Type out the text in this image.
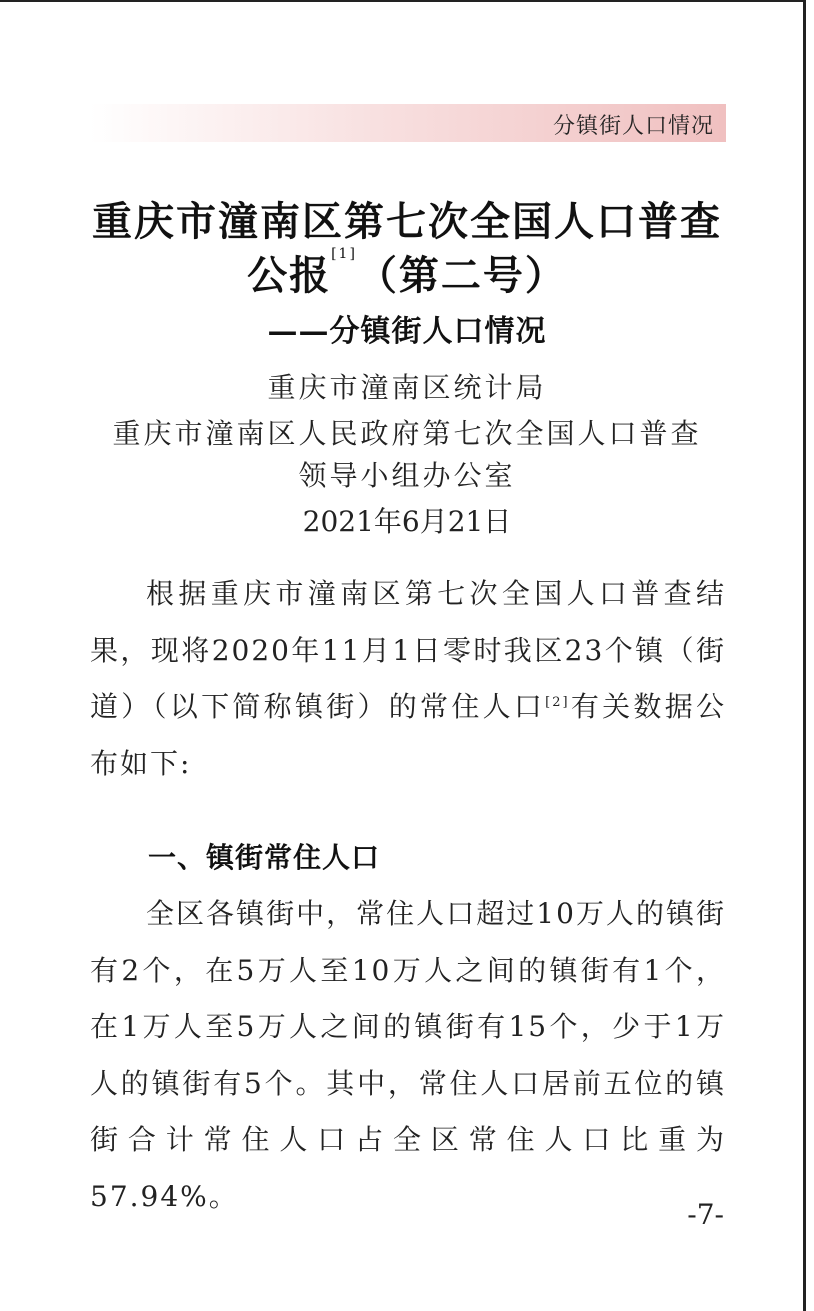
分镇街人口情况
重庆市潼南区第七次全国人口普查
公报[1]（第二号）
——分镇街人口情况
重庆市潼南区统计局
重庆市潼南区人民政府第七次全国人口普查
领导小组办公室
2021年6月21日

根据重庆市潼南区第七次全国人口普查结果，现将2020年11月1日零时我区23个镇（街道）（以下简称镇街）的常住人口[2]有关数据公布如下:

一、镇街常住人口

全区各镇街中，常住人口超过10万人的镇街有2个，在5万人至10万人之间的镇街有1个，在1万人至5万人之间的镇街有15个，少于1万人的镇街有5个。其中，常住人口居前五位的镇街合计常住人口占全区常住人口比重为57.94%。

-7-
